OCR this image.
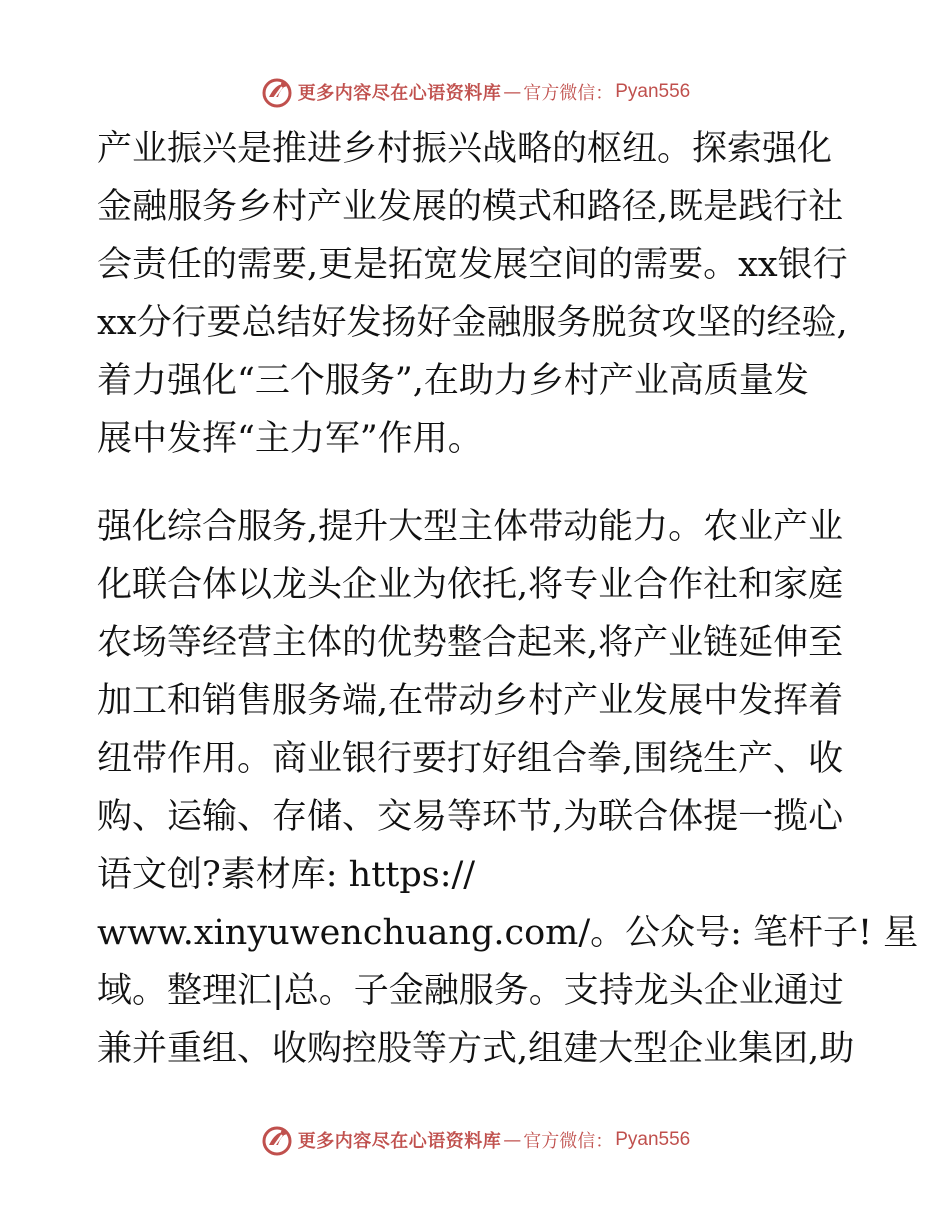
更多内容尽在心语资料库 — 官方微信： Pyan556
产业振兴是推进乡村振兴战略的枢纽。探索强化
金融服务乡村产业发展的模式和路径,既是践行社
会责任的需要,更是拓宽发展空间的需要。xx银行
xx分行要总结好发扬好金融服务脱贫攻坚的经验,
着力强化“三个服务”,在助力乡村产业高质量发
展中发挥“主力军”作用。
强化综合服务,提升大型主体带动能力。农业产业
化联合体以龙头企业为依托,将专业合作社和家庭
农场等经营主体的优势整合起来,将产业链延伸至
加工和销售服务端,在带动乡村产业发展中发挥着
纽带作用。商业银行要打好组合拳,围绕生产、收
购、运输、存储、交易等环节,为联合体提一揽心
语文创?素材库: https://
www.xinyuwenchuang.com/。公众号: 笔杆子! 星
域。整理汇|总。子金融服务。支持龙头企业通过
兼并重组、收购控股等方式,组建大型企业集团,助
更多内容尽在心语资料库 — 官方微信： Pyan556
